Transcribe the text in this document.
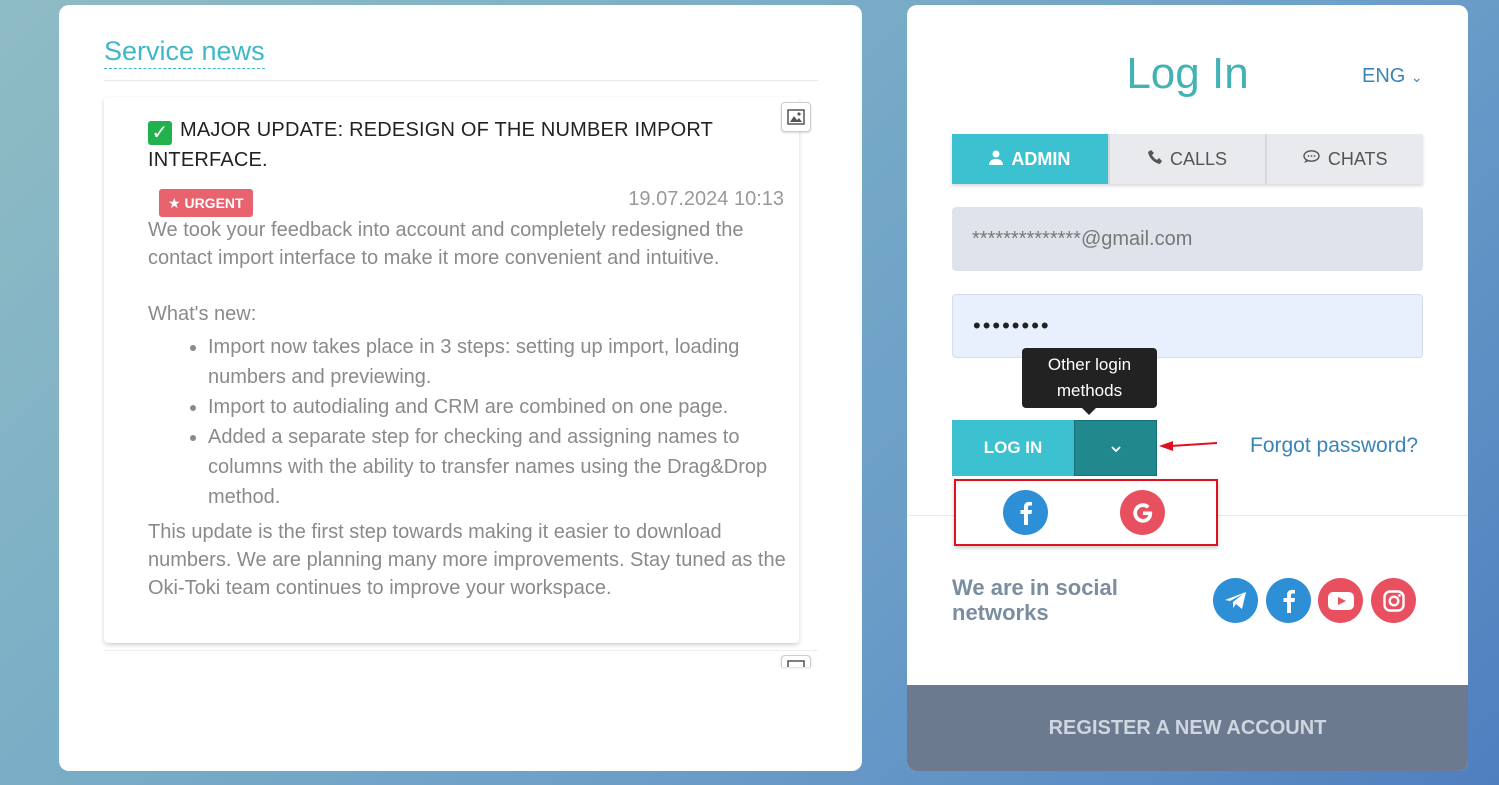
Service news
✓ MAJOR UPDATE: REDESIGN OF THE NUMBER IMPORT INTERFACE.
★ URGENT	19.07.2024 10:13

We took your feedback into account and completely redesigned the contact import interface to make it more convenient and intuitive.

What's new:

• Import now takes place in 3 steps: setting up import, loading numbers and previewing.
• Import to autodialing and CRM are combined on one page.
• Added a separate step for checking and assigning names to columns with the ability to transfer names using the Drag&Drop method.

This update is the first step towards making it easier to download numbers. We are planning many more improvements. Stay tuned as the Oki-Toki team continues to improve your workspace.

Log In	ENG ⌄
ADMIN	CALLS	CHATS
**************@gmail.com
••••••••
Other login methods
LOG IN	Forgot password?
We are in social networks
REGISTER A NEW ACCOUNT
